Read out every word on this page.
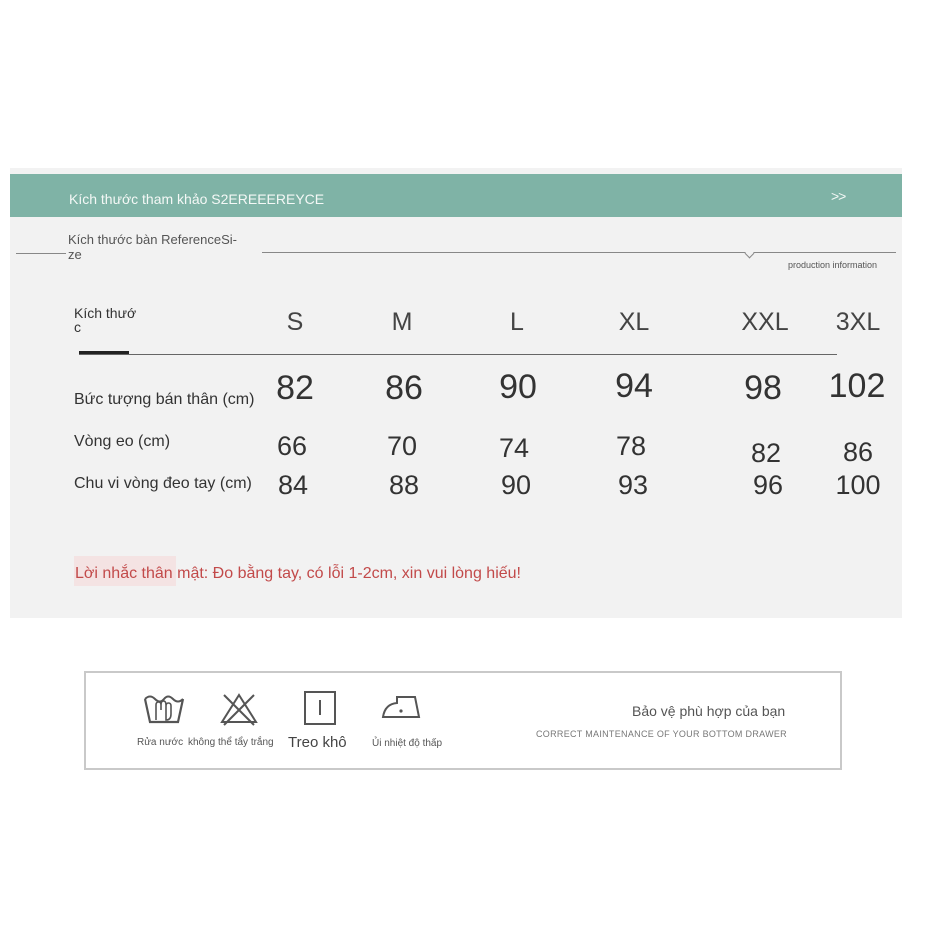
Kích thước tham khảo S2EREEEREYCE	>>
Kích thước bàn ReferenceSi-
ze
production information
Kích thướ
c	S	M	L	XL	XXL	3XL
Bức tượng bán thân (cm) 82	86	90	94	98	102
Vòng eo (cm)	66	70	74	78	82	86
Chu vi vòng đeo tay (cm) 84	88	90	93	96	100
Lời nhắc thân mật: Đo bằng tay, có lỗi 1-2cm, xin vui lòng hiếu!
Rửa nước không thể tẩy trắng Treo khô	Ủi nhiệt độ thấp
Bảo vệ phù hợp của bạn
CORRECT MAINTENANCE OF YOUR BOTTOM DRAWER
